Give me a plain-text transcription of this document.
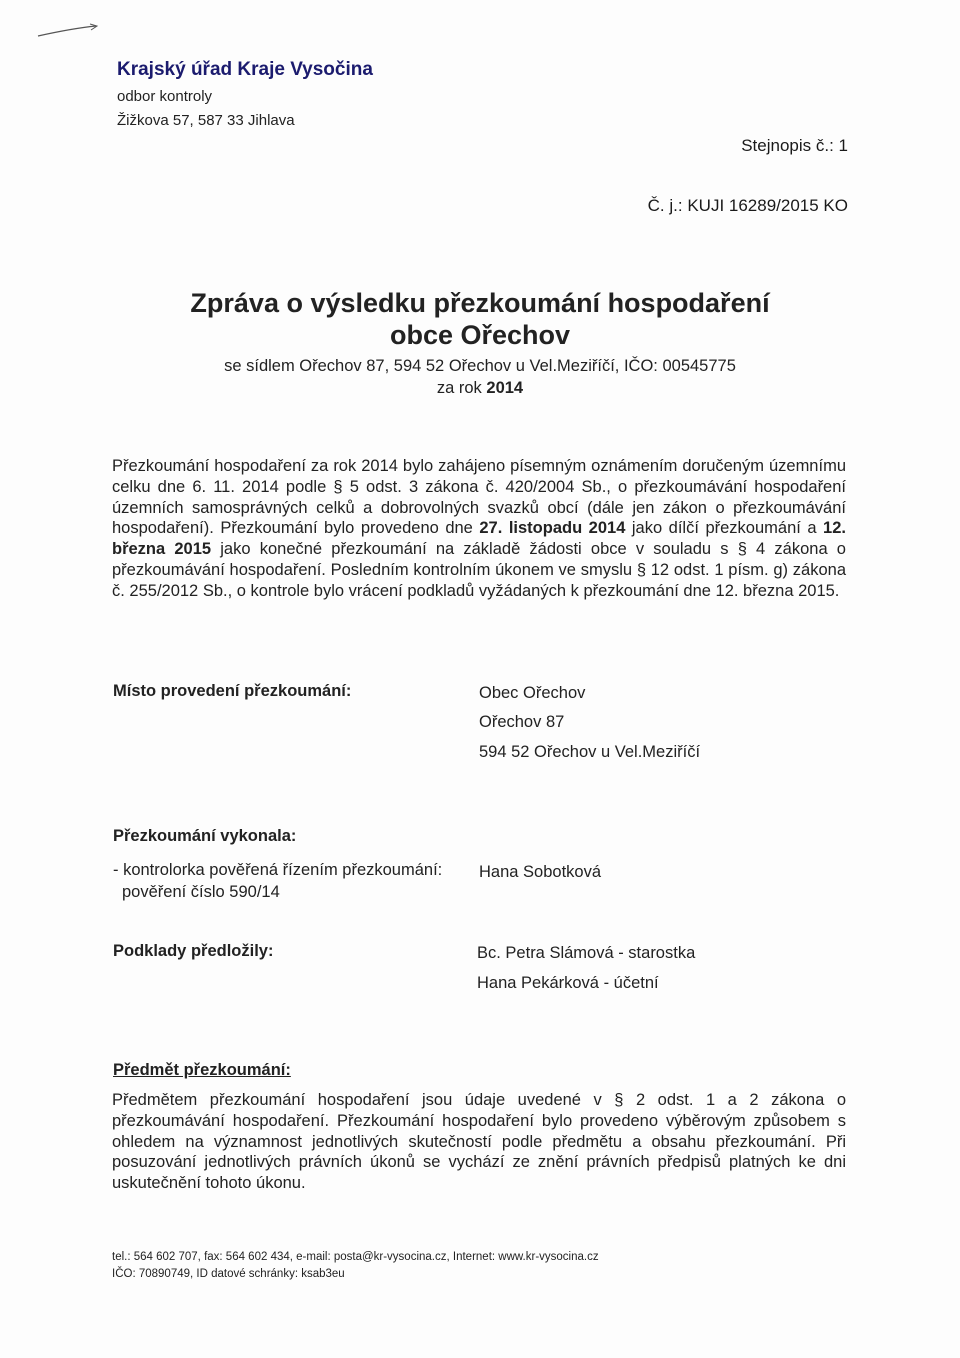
Krajský úřad Kraje Vysočina
odbor kontroly
Žižkova 57, 587 33 Jihlava
Stejnopis č.: 1
Č. j.: KUJI 16289/2015 KO
Zpráva o výsledku přezkoumání hospodaření
obce Ořechov
se sídlem Ořechov 87, 594 52 Ořechov u Vel.Meziříčí, IČO: 00545775
za rok 2014
Přezkoumání hospodaření za rok 2014 bylo zahájeno písemným oznámením doručeným územnímu celku dne 6. 11. 2014 podle § 5 odst. 3 zákona č. 420/2004 Sb., o přezkoumávání hospodaření územních samosprávných celků a dobrovolných svazků obcí (dále jen zákon o přezkoumávání hospodaření). Přezkoumání bylo provedeno dne 27. listopadu 2014 jako dílčí přezkoumání a 12. března 2015 jako konečné přezkoumání na základě žádosti obce v souladu s § 4 zákona o přezkoumávání hospodaření. Posledním kontrolním úkonem ve smyslu § 12 odst. 1 písm. g) zákona č. 255/2012 Sb., o kontrole bylo vrácení podkladů vyžádaných k přezkoumání dne 12. března 2015.
Místo provedení přezkoumání:	Obec Ořechov
Ořechov 87
594 52 Ořechov u Vel.Meziříčí
Přezkoumání vykonala:
- kontrolorka pověřená řízením přezkoumání:
pověření číslo 590/14
Hana Sobotková
Podklady předložily:	Bc. Petra Slámová - starostka
Hana Pekárková - účetní
Předmět přezkoumání:
Předmětem přezkoumání hospodaření jsou údaje uvedené v § 2 odst. 1 a 2 zákona o přezkoumávání hospodaření. Přezkoumání hospodaření bylo provedeno výběrovým způsobem s ohledem na významnost jednotlivých skutečností podle předmětu a obsahu přezkoumání. Při posuzování jednotlivých právních úkonů se vychází ze znění právních předpisů platných ke dni uskutečnění tohoto úkonu.
tel.: 564 602 707, fax: 564 602 434, e-mail: posta@kr-vysocina.cz, Internet: www.kr-vysocina.cz
IČO: 70890749, ID datové schránky: ksab3eu
